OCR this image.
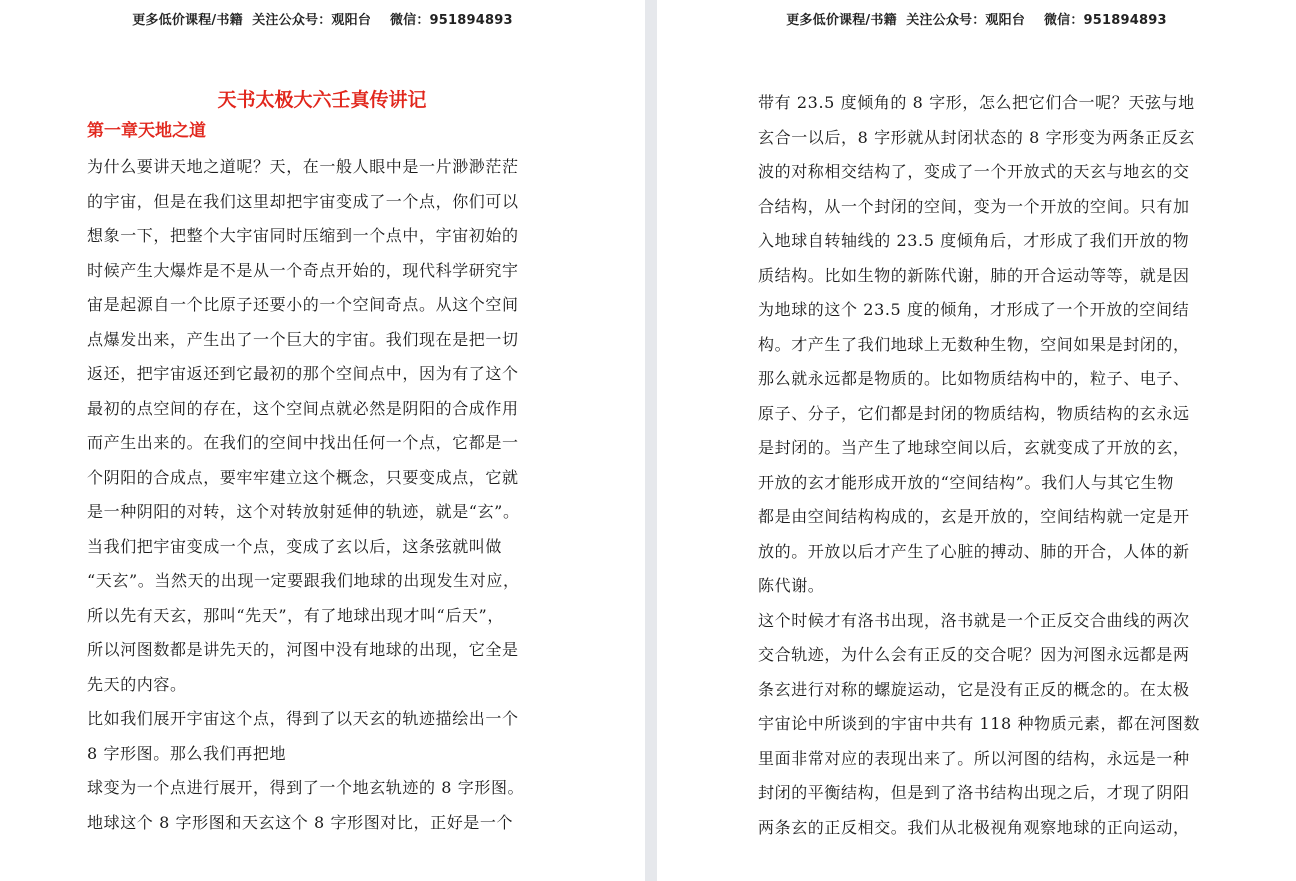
更多低价课程/书籍  关注公众号：观阳台    微信：951894893	更多低价课程/书籍  关注公众号：观阳台    微信：951894893
天书太极大六壬真传讲记
第一章天地之道
为什么要讲天地之道呢？天，在一般人眼中是一片渺渺茫茫
的宇宙，但是在我们这里却把宇宙变成了一个点，你们可以
想象一下，把整个大宇宙同时压缩到一个点中，宇宙初始的
时候产生大爆炸是不是从一个奇点开始的，现代科学研究宇
宙是起源自一个比原子还要小的一个空间奇点。从这个空间
点爆发出来，产生出了一个巨大的宇宙。我们现在是把一切
返还，把宇宙返还到它最初的那个空间点中，因为有了这个
最初的点空间的存在，这个空间点就必然是阴阳的合成作用
而产生出来的。在我们的空间中找出任何一个点，它都是一
个阴阳的合成点，要牢牢建立这个概念，只要变成点，它就
是一种阴阳的对转，这个对转放射延伸的轨迹，就是“玄”。
当我们把宇宙变成一个点，变成了玄以后，这条弦就叫做
“天玄”。当然天的出现一定要跟我们地球的出现发生对应，
所以先有天玄，那叫“先天”，有了地球出现才叫“后天”，
所以河图数都是讲先天的，河图中没有地球的出现，它全是
先天的内容。
比如我们展开宇宙这个点，得到了以天玄的轨迹描绘出一个
8 字形图。那么我们再把地
球变为一个点进行展开，得到了一个地玄轨迹的 8 字形图。
地球这个 8 字形图和天玄这个 8 字形图对比，正好是一个
带有 23.5 度倾角的 8 字形，怎么把它们合一呢？天弦与地
玄合一以后，8 字形就从封闭状态的 8 字形变为两条正反玄
波的对称相交结构了，变成了一个开放式的天玄与地玄的交
合结构，从一个封闭的空间，变为一个开放的空间。只有加
入地球自转轴线的 23.5 度倾角后，才形成了我们开放的物
质结构。比如生物的新陈代谢，肺的开合运动等等，就是因
为地球的这个 23.5 度的倾角，才形成了一个开放的空间结
构。才产生了我们地球上无数种生物，空间如果是封闭的，
那么就永远都是物质的。比如物质结构中的，粒子、电子、
原子、分子，它们都是封闭的物质结构，物质结构的玄永远
是封闭的。当产生了地球空间以后，玄就变成了开放的玄，
开放的玄才能形成开放的“空间结构”。我们人与其它生物
都是由空间结构构成的，玄是开放的，空间结构就一定是开
放的。开放以后才产生了心脏的搏动、肺的开合，人体的新
陈代谢。
这个时候才有洛书出现，洛书就是一个正反交合曲线的两次
交合轨迹，为什么会有正反的交合呢？因为河图永远都是两
条玄进行对称的螺旋运动，它是没有正反的概念的。在太极
宇宙论中所谈到的宇宙中共有 118 种物质元素，都在河图数
里面非常对应的表现出来了。所以河图的结构，永远是一种
封闭的平衡结构，但是到了洛书结构出现之后，才现了阴阳
两条玄的正反相交。我们从北极视角观察地球的正向运动，
